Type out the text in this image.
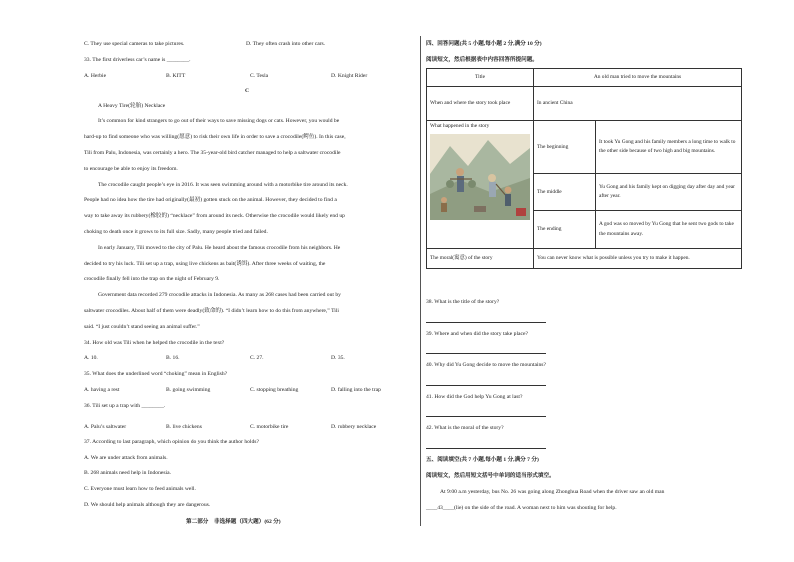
C. They use special cameras to take pictures.	D. They often crash into other cars.
33. The first driverless car’s name is ________.
A. Herbie	B. KITT	C. Tesla	D. Knight Rider
C
A Heavy Tire(轮胎) Necklace
It’s common for kind strangers to go out of their ways to save missing dogs or cats. However, you would be
hard-up to find someone who was willing(愿意) to risk their own life in order to save a crocodile(鳄鱼). In this case,
Tili from Palu, Indonesia, was certainly a hero. The 35-year-old bird catcher managed to help a saltwater crocodile
to encourage be able to enjoy its freedom.
The crocodile caught people’s eye in 2016. It was seen swimming around with a motorbike tire around its neck.
People had no idea how the tire had originally(最初) gotten stuck on the animal. However, they decided to find a
way to take away its rubbery(橡胶的) “necklace” from around its neck. Otherwise the crocodile would likely end up
choking to death once it grows to its full size. Sadly, many people tried and failed.
In early January, Tili moved to the city of Palu. He heard about the famous crocodile from his neighbors. He
decided to try his luck. Tili set up a trap, using live chickens as bait(诱饵). After three weeks of waiting, the
crocodile finally fell into the trap on the night of February 9.
Government data recorded 279 crocodile attacks in Indonesia. As many as 268 cases had been carried out by
saltwater crocodiles. About half of them were deadly(致命的). “I didn’t learn how to do this from anywhere,” Tili
said. “I just couldn’t stand seeing an animal suffer.”
34. How old was Tili when he helped the crocodile in the text?
A. 10.	B. 16.	C. 27.	D. 35.
35. What does the underlined word “choking” mean in English?
A. having a rest	B. going swimming	C. stopping breathing	D. falling into the trap
36. Tili set up a trap with ________.
A. Palu’s saltwater	B. live chickens	C. motorbike tire	D. rubbery necklace
37. According to last paragraph, which opinion do you think the author holds?
A. We are under attack from animals.
B. 268 animals need help in Indonesia.
C. Everyone must learn how to feed animals well.
D. We should help animals although they are dangerous.
第二部分　非选择题（四大题）(62 分)
四、回答问题(共 5 小题,每小题 2 分,满分 10 分)
阅读短文，然后根据表中内容回答所提问题。
Title	An old man tried to move the mountains	
When and where the story took place	In ancient China	

What happened in the story	The beginning	It took Yu Gong and his family members a long time to walk to the other side because of two high and big mountains.
	The middle	Yu Gong and his family kept on digging day after day and year after year.
	The ending	A god was so moved by Yu Gong that he sent two gods to take the mountains away.
The moral(寓意) of the story	You can never know what is possible unless you try to make it happen.	
38. What is the title of the story?
39. Where and when did the story take place?
40. Why did Yu Gong decide to move the mountains?
41. How did the God help Yu Gong at last?
42. What is the moral of the story?
五、阅读填空(共 7 小题,每小题 1 分,满分 7 分)
阅读短文，然后用短文括号中单词的适当形式填空。
At 9:00 a.m yesterday, bus No. 26 was going along Zhonghua Road when the driver saw an old man
____43____(lie) on the side of the road. A woman next to him was shouting for help.
